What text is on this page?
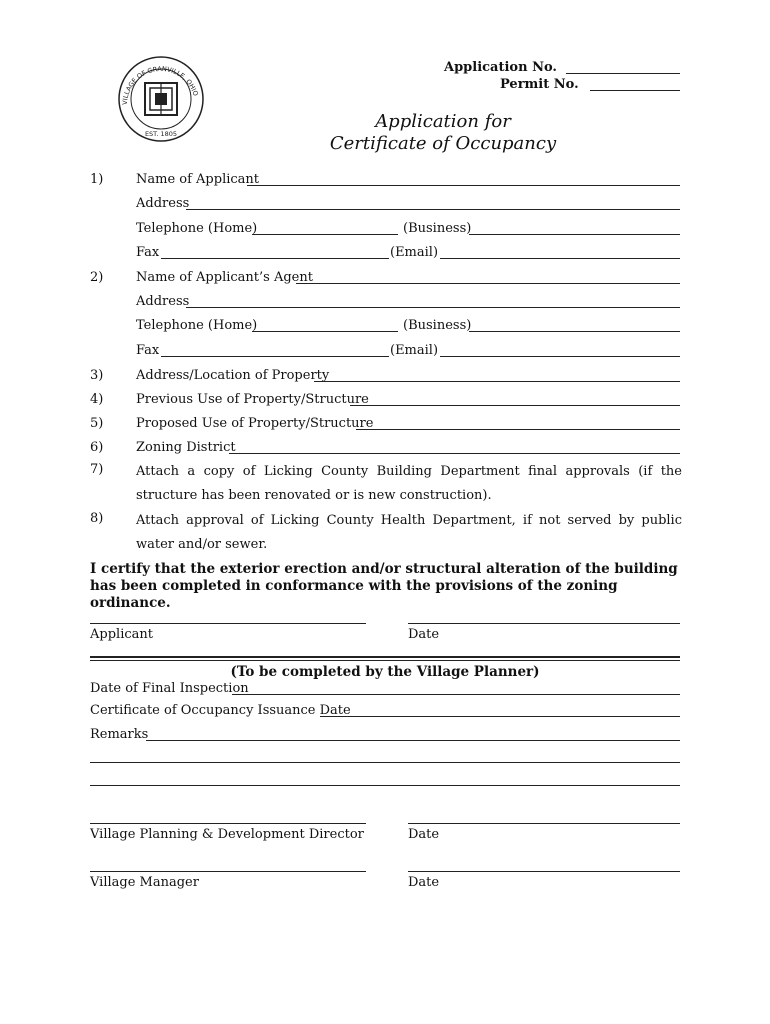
Application No.
Permit No.
VILLAGE OF GRANVILLE, OHIO
EST. 1805
Application for
Certificate of Occupancy
1)	Name of Applicant
Address
Telephone (Home)	(Business)
Fax	(Email)
2)	Name of Applicant’s Agent
Address
Telephone (Home)	(Business)
Fax	(Email)
3)	Address/Location of Property
4)	Previous Use of Property/Structure
5)	Proposed Use of Property/Structure
6)	Zoning District
7)	Attach a copy of Licking County Building Department final approvals (if the structure has been renovated or is new construction).
8)	Attach approval of Licking County Health Department, if not served by public water and/or sewer.
I certify that the exterior erection and/or structural alteration of the building has been completed in conformance with the provisions of the zoning ordinance.
Applicant	Date
(To be completed by the Village Planner)
Date of Final Inspection
Certificate of Occupancy Issuance Date
Remarks
Village Planning & Development Director	Date
Village Manager	Date
